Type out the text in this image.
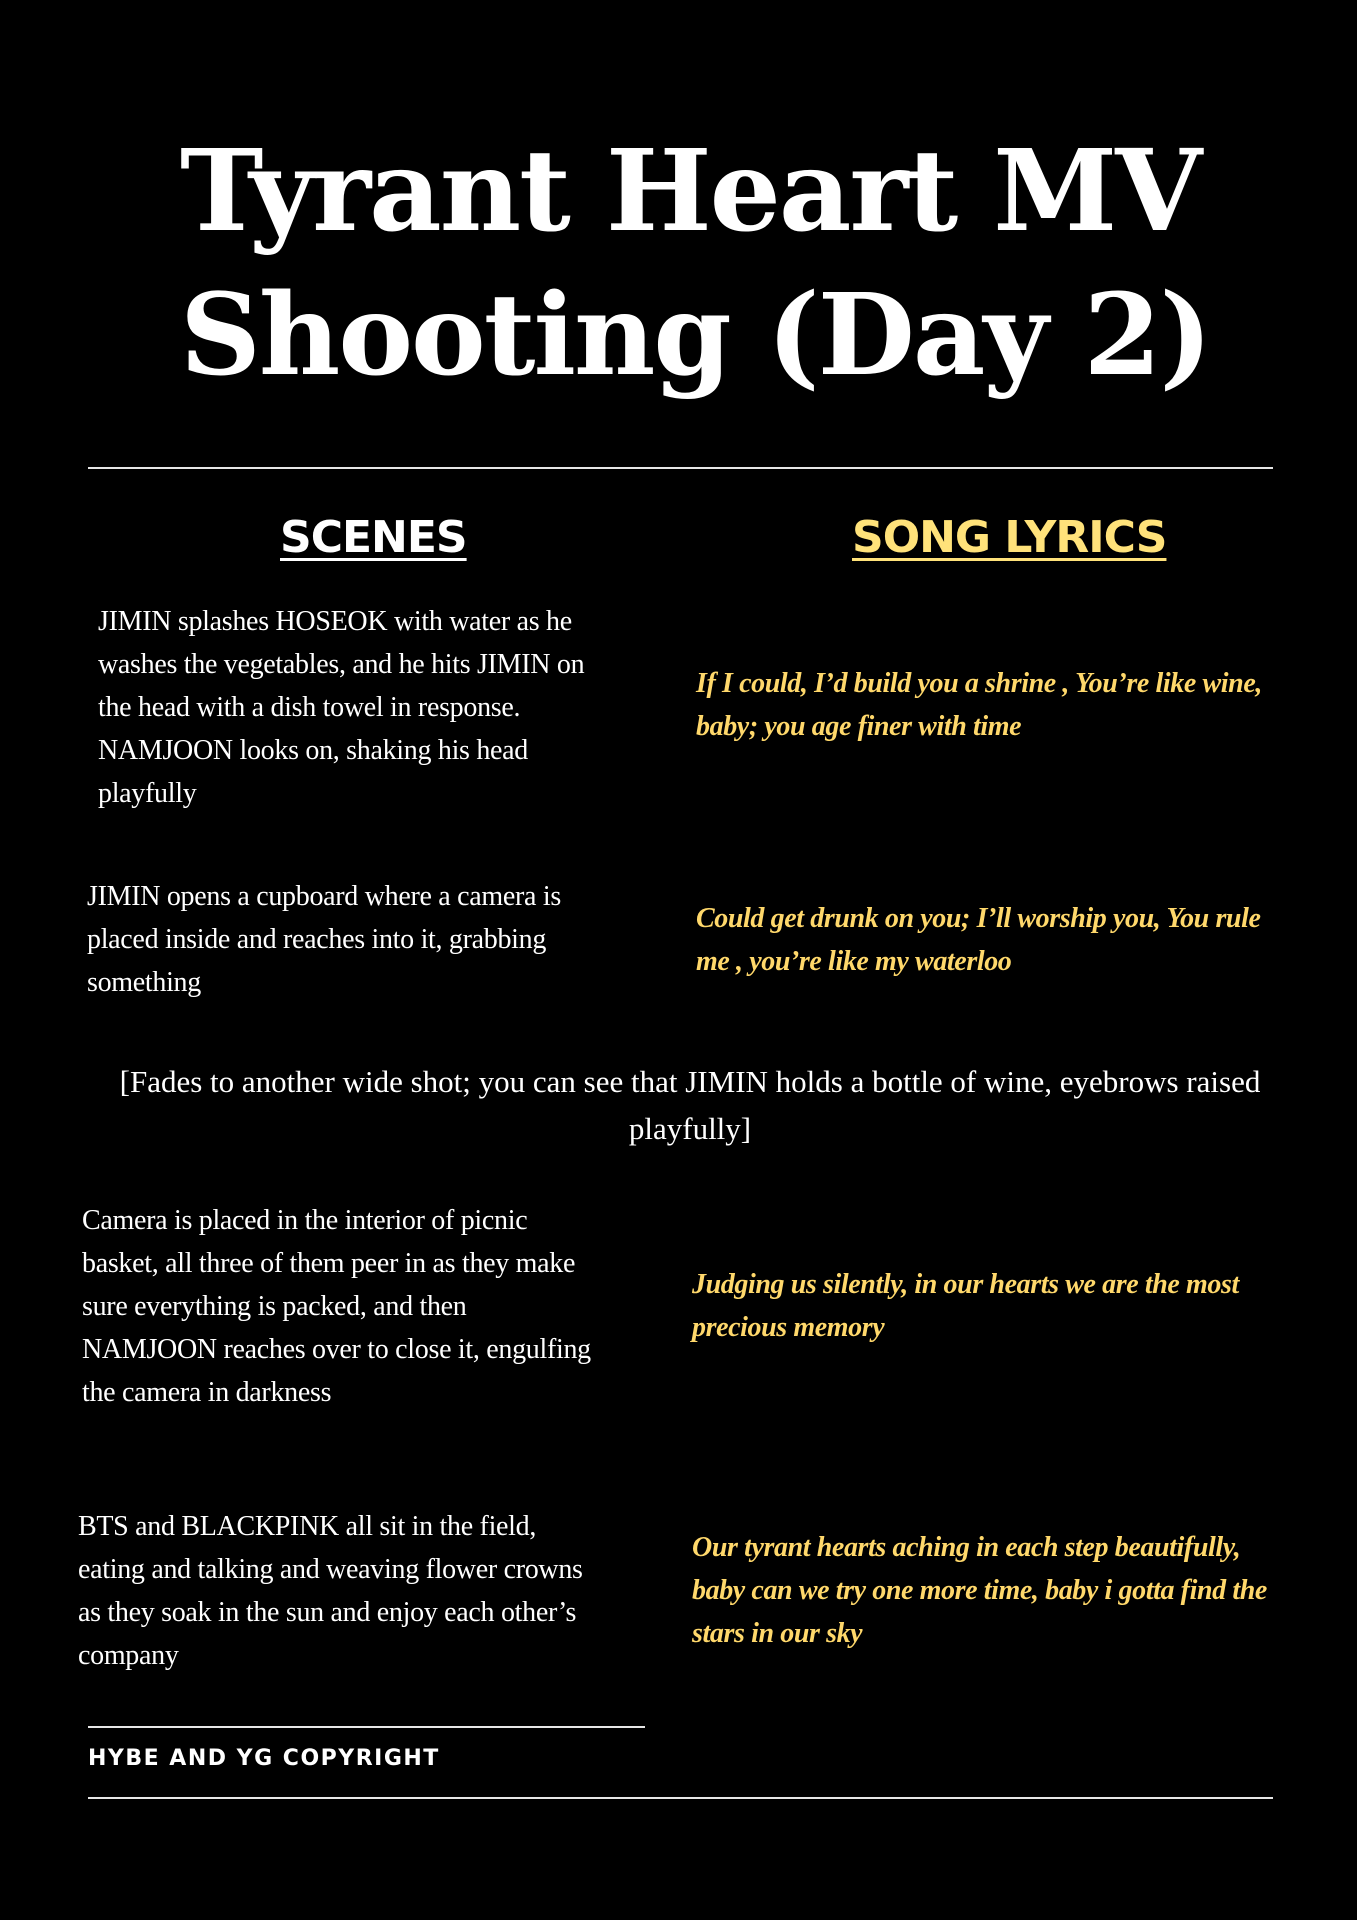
Tyrant Heart MV
Shooting (Day 2)
SCENES	SONG LYRICS

JIMIN splashes HOSEOK with water as he washes the vegetables, and he hits JIMIN on the head with a dish towel in response. NAMJOON looks on, shaking his head playfully

If I could, I’d build you a shrine , You’re like wine, baby; you age finer with time

JIMIN opens a cupboard where a camera is placed inside and reaches into it, grabbing something

Could get drunk on you; I’ll worship you, You rule me , you’re like my waterloo

[Fades to another wide shot; you can see that JIMIN holds a bottle of wine, eyebrows raised playfully]

Camera is placed in the interior of picnic basket, all three of them peer in as they make sure everything is packed, and then NAMJOON reaches over to close it, engulfing the camera in darkness

Judging us silently, in our hearts we are the most precious memory

BTS and BLACKPINK all sit in the field, eating and talking and weaving flower crowns as they soak in the sun and enjoy each other’s company

Our tyrant hearts aching in each step beautifully, baby can we try one more time, baby i gotta find the stars in our sky

HYBE AND YG COPYRIGHT
